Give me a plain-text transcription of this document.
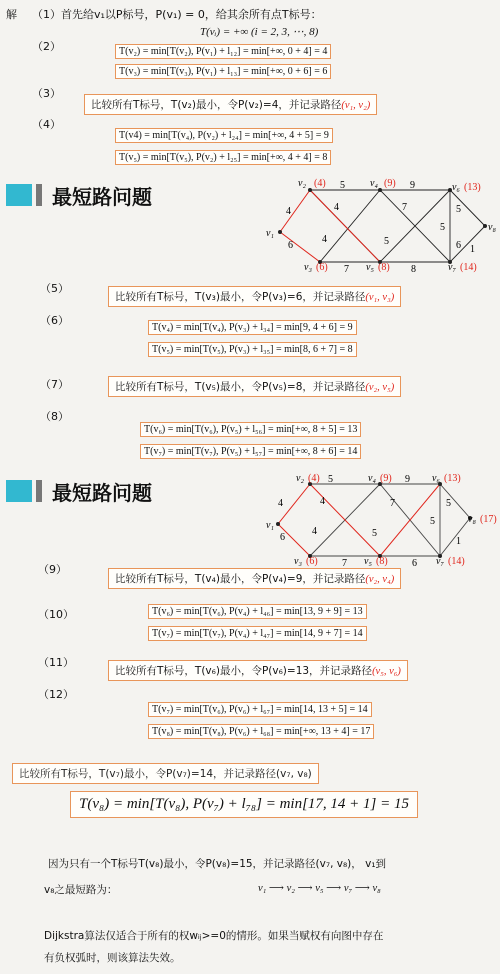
解 （1）首先给v₁以P标号，P(v₁) = 0，给其余所有点T标号：
T(vᵢ) = +∞ (i = 2, 3, ⋯, 8)
（2）	T(v₂) = min[T(v₂), P(v₁) + l₁₂] = min[+∞, 0 + 4] = 4
T(v₃) = min[T(v₃), P(v₁) + l₁₃] = min[+∞, 0 + 6] = 6
（3）
比较所有T标号，T(v₂)最小，令P(v₂)=4，并记录路径(v₁, v₂)
（4）
T(v4) = min[T(v₄), P(v₂) + l₂₄] = min[+∞, 4 + 5] = 9
T(v₅) = min[T(v₅), P(v₂) + l₂₅] = min[+∞, 4 + 4] = 8
最短路问题	5	9
4	7	5
4
4
6	5
5
7	8
6 1
v₁
v₂ (4)	v₄ (9)	v₆ (13)
v₈
v₃ (6)	v₅ (8)	v₇ (14)
（5）
比较所有T标号，T(v₃)最小，令P(v₃)=6，并记录路径(v₁, v₃)
（6）
T(v₄) = min[T(v₄), P(v₃) + l₃₄] = min[9, 4 + 6] = 9
T(v₅) = min[T(v₅), P(v₃) + l₃₅] = min[8, 6 + 7] = 8
（7）	比较所有T标号，T(v₅)最小，令P(v₅)=8，并记录路径(v₂, v₅)
（8）
T(v₆) = min[T(v₆), P(v₅) + l₅₆] = min[+∞, 8 + 5] = 13
T(v₇) = min[T(v₇), P(v₅) + l₅₇] = min[+∞, 8 + 6] = 14
最短路问题
5	9
4	7	5
4
4
6	5
5
7	6
1
v₁
v₂ (4)	v₄ (9)	v₆ (13)
v₈ (17)
v₃ (6)	v₅ (8)	v₇ (14)
（9）
比较所有T标号，T(v₄)最小，令P(v₄)=9，并记录路径(v₂, v₄)
（10）	T(v₆) = min[T(v₆), P(v₄) + l₄₆] = min[13, 9 + 9] = 13
T(v₇) = min[T(v₇), P(v₄) + l₄₇] = min[14, 9 + 7] = 14
（11）
比较所有T标号，T(v₆)最小，令P(v₆)=13，并记录路径(v₅, v₆)
（12）
T(v₇) = min[T(v₆), P(v₆) + l₆₇] = min[14, 13 + 5] = 14
T(v₈) = min[T(v₈), P(v₆) + l₆₈] = min[+∞, 13 + 4] = 17
比较所有T标号，T(v₇)最小，令P(v₇)=14，并记录路径(v₇, v₈)
T(v₈) = min[T(v₈), P(v₇) + l₇₈] = min[17, 14 + 1] = 15
因为只有一个T标号T(v₈)最小，令P(v₈)=15，并记录路径(v₇, v₈)， v₁到
v₈之最短路为：	v₁ ⟶ v₂ ⟶ v₅ ⟶ v₇ ⟶ v₈
Dijkstra算法仅适合于所有的权wᵢⱼ>=0的情形。如果当赋权有向图中存在
有负权弧时，则该算法失效。
